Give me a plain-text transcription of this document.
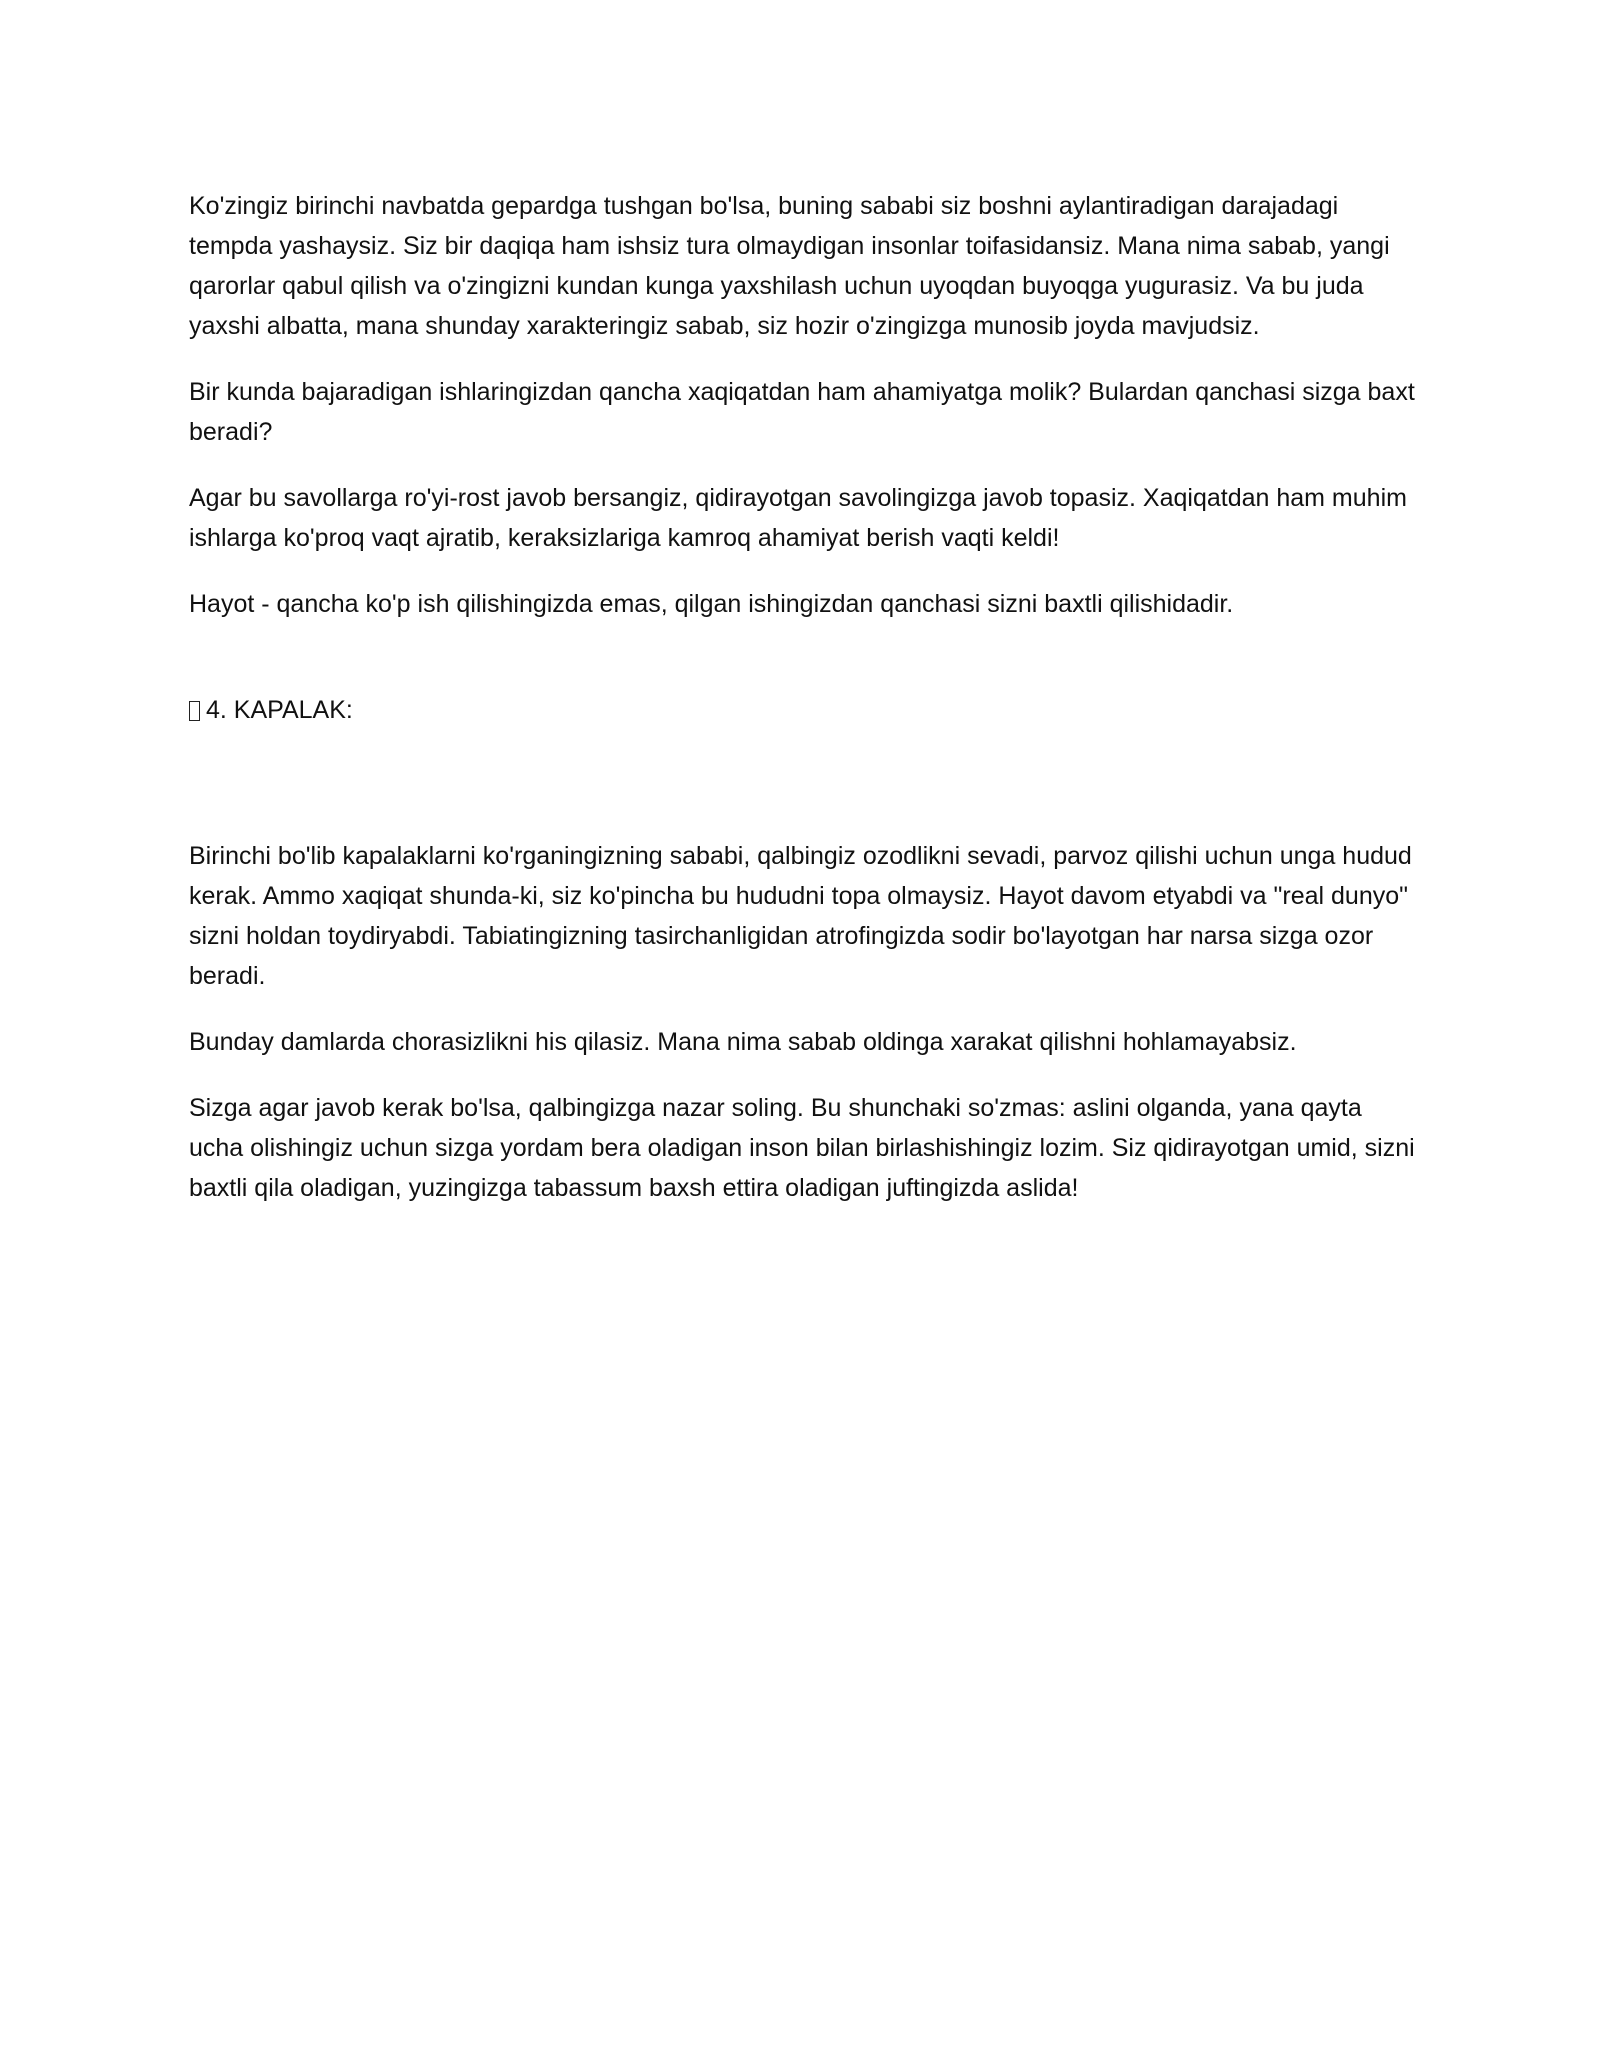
Ko'zingiz birinchi navbatda gepardga tushgan bo'lsa, buning sababi siz boshni aylantiradigan darajadagi tempda yashaysiz. Siz bir daqiqa ham ishsiz tura olmaydigan insonlar toifasidansiz. Mana nima sabab, yangi qarorlar qabul qilish va o'zingizni kundan kunga yaxshilash uchun uyoqdan buyoqga yugurasiz. Va bu juda yaxshi albatta, mana shunday xarakteringiz sabab, siz hozir o'zingizga munosib joyda mavjudsiz.

Bir kunda bajaradigan ishlaringizdan qancha xaqiqatdan ham ahamiyatga molik? Bulardan qanchasi sizga baxt beradi?

Agar bu savollarga ro'yi-rost javob bersangiz, qidirayotgan savolingizga javob topasiz. Xaqiqatdan ham muhim ishlarga ko'proq vaqt ajratib, keraksizlariga kamroq ahamiyat berish vaqti keldi!

Hayot - qancha ko'p ish qilishingizda emas, qilgan ishingizdan qanchasi sizni baxtli qilishidadir.

4. KAPALAK:

Birinchi bo'lib kapalaklarni ko'rganingizning sababi, qalbingiz ozodlikni sevadi, parvoz qilishi uchun unga hudud kerak. Ammo xaqiqat shunda-ki, siz ko'pincha bu hududni topa olmaysiz. Hayot davom etyabdi va "real dunyo" sizni holdan toydiryabdi. Tabiatingizning tasirchanligidan atrofingizda sodir bo'layotgan har narsa sizga ozor beradi.

Bunday damlarda chorasizlikni his qilasiz. Mana nima sabab oldinga xarakat qilishni hohlamayabsiz.

Sizga agar javob kerak bo'lsa, qalbingizga nazar soling. Bu shunchaki so'zmas: aslini olganda, yana qayta ucha olishingiz uchun sizga yordam bera oladigan inson bilan birlashishingiz lozim. Siz qidirayotgan umid, sizni baxtli qila oladigan, yuzingizga tabassum baxsh ettira oladigan juftingizda aslida!
